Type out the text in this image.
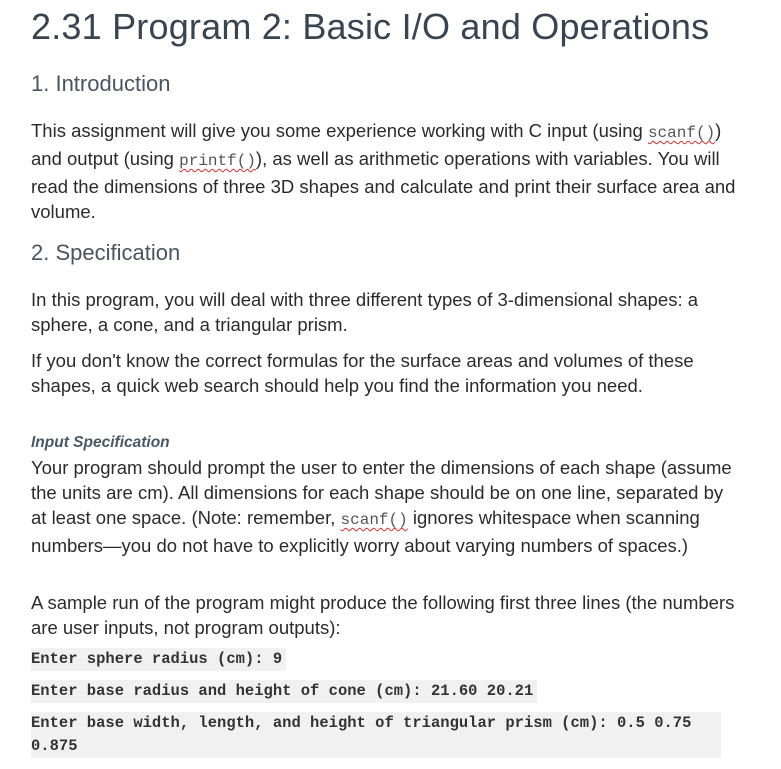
2.31 Program 2: Basic I/O and Operations
1. Introduction

This assignment will give you some experience working with C input (using scanf()) and output (using printf()), as well as arithmetic operations with variables. You will read the dimensions of three 3D shapes and calculate and print their surface area and volume.

2. Specification

In this program, you will deal with three different types of 3-dimensional shapes: a sphere, a cone, and a triangular prism.

If you don't know the correct formulas for the surface areas and volumes of these shapes, a quick web search should help you find the information you need.

Input Specification

Your program should prompt the user to enter the dimensions of each shape (assume the units are cm). All dimensions for each shape should be on one line, separated by at least one space. (Note: remember, scanf() ignores whitespace when scanning numbers—you do not have to explicitly worry about varying numbers of spaces.)

A sample run of the program might produce the following first three lines (the numbers are user inputs, not program outputs):

Enter sphere radius (cm): 9
Enter base radius and height of cone (cm): 21.60 20.21
Enter base width, length, and height of triangular prism (cm): 0.5 0.75 0.875
